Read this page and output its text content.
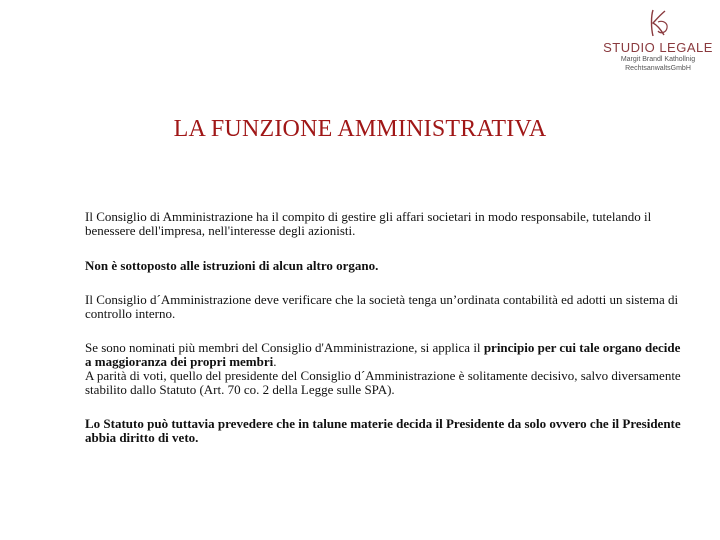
STUDIO LEGALE
Margit Brandl Kathollnig
RechtsanwaltsGmbH
LA FUNZIONE AMMINISTRATIVA

Il Consiglio di Amministrazione ha il compito di gestire gli affari societari in modo responsabile, tutelando il benessere dell'impresa, nell'interesse degli azionisti.

Non è sottoposto alle istruzioni di alcun altro organo.

Il Consiglio d´Amministrazione deve verificare che la società tenga un’ordinata contabilità ed adotti un sistema di controllo interno.

Se sono nominati più membri del Consiglio d'Amministrazione, si applica il principio per cui tale organo decide a maggioranza dei propri membri.
A parità di voti, quello del presidente del Consiglio d´Amministrazione è solitamente decisivo, salvo diversamente stabilito dallo Statuto (Art. 70 co. 2 della Legge sulle SPA).

Lo Statuto può tuttavia prevedere che in talune materie decida il Presidente da solo ovvero che il Presidente abbia diritto di veto.
